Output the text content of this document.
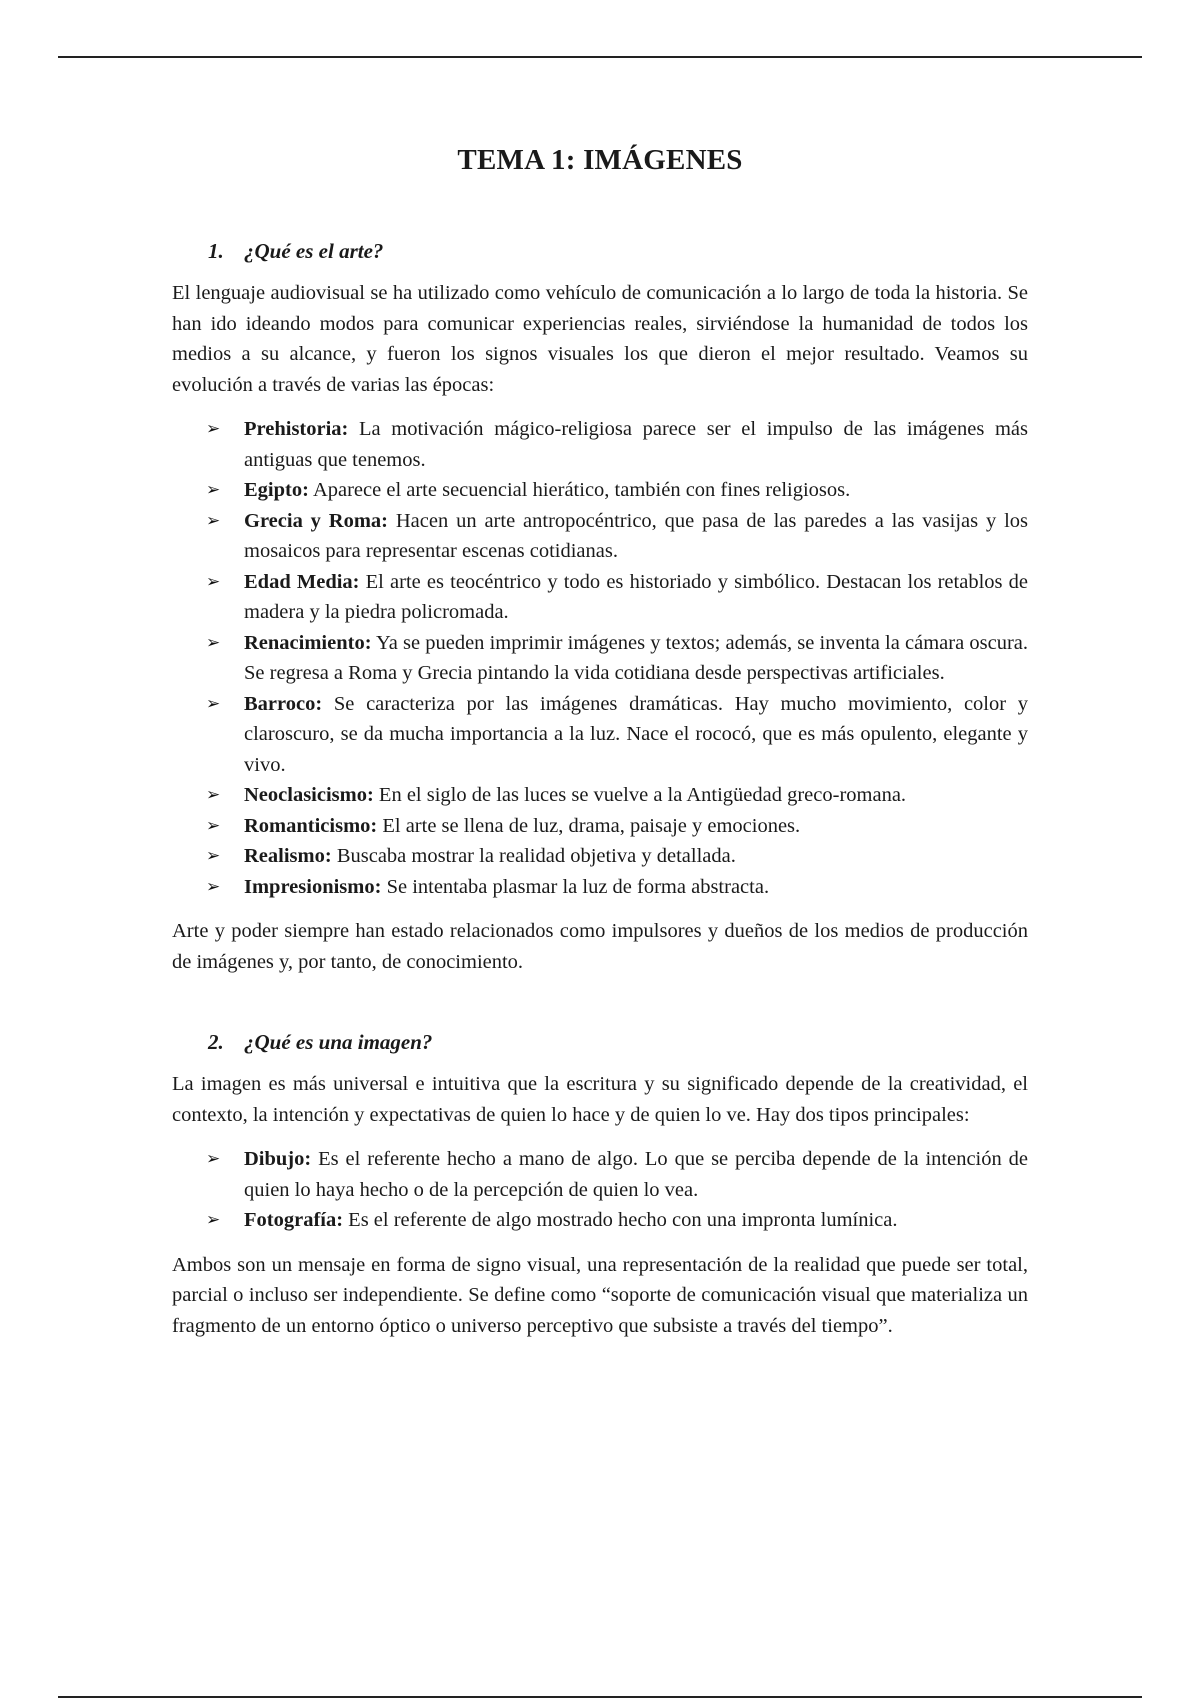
TEMA 1: IMÁGENES
1. ¿Qué es el arte?

El lenguaje audiovisual se ha utilizado como vehículo de comunicación a lo largo de toda la historia. Se han ido ideando modos para comunicar experiencias reales, sirviéndose la humanidad de todos los medios a su alcance, y fueron los signos visuales los que dieron el mejor resultado. Veamos su evolución a través de varias las épocas:

➢ Prehistoria: La motivación mágico-religiosa parece ser el impulso de las imágenes más antiguas que tenemos.
➢ Egipto: Aparece el arte secuencial hierático, también con fines religiosos.
➢ Grecia y Roma: Hacen un arte antropocéntrico, que pasa de las paredes a las vasijas y los mosaicos para representar escenas cotidianas.
➢ Edad Media: El arte es teocéntrico y todo es historiado y simbólico. Destacan los retablos de madera y la piedra policromada.
➢ Renacimiento: Ya se pueden imprimir imágenes y textos; además, se inventa la cámara oscura. Se regresa a Roma y Grecia pintando la vida cotidiana desde perspectivas artificiales.
➢ Barroco: Se caracteriza por las imágenes dramáticas. Hay mucho movimiento, color y claroscuro, se da mucha importancia a la luz. Nace el rococó, que es más opulento, elegante y vivo.
➢ Neoclasicismo: En el siglo de las luces se vuelve a la Antigüedad greco-romana.
➢ Romanticismo: El arte se llena de luz, drama, paisaje y emociones.
➢ Realismo: Buscaba mostrar la realidad objetiva y detallada.
➢ Impresionismo: Se intentaba plasmar la luz de forma abstracta.

Arte y poder siempre han estado relacionados como impulsores y dueños de los medios de producción de imágenes y, por tanto, de conocimiento.

2. ¿Qué es una imagen?

La imagen es más universal e intuitiva que la escritura y su significado depende de la creatividad, el contexto, la intención y expectativas de quien lo hace y de quien lo ve. Hay dos tipos principales:

➢ Dibujo: Es el referente hecho a mano de algo. Lo que se perciba depende de la intención de quien lo haya hecho o de la percepción de quien lo vea.
➢ Fotografía: Es el referente de algo mostrado hecho con una impronta lumínica.

Ambos son un mensaje en forma de signo visual, una representación de la realidad que puede ser total, parcial o incluso ser independiente. Se define como “soporte de comunicación visual que materializa un fragmento de un entorno óptico o universo perceptivo que subsiste a través del tiempo”.
